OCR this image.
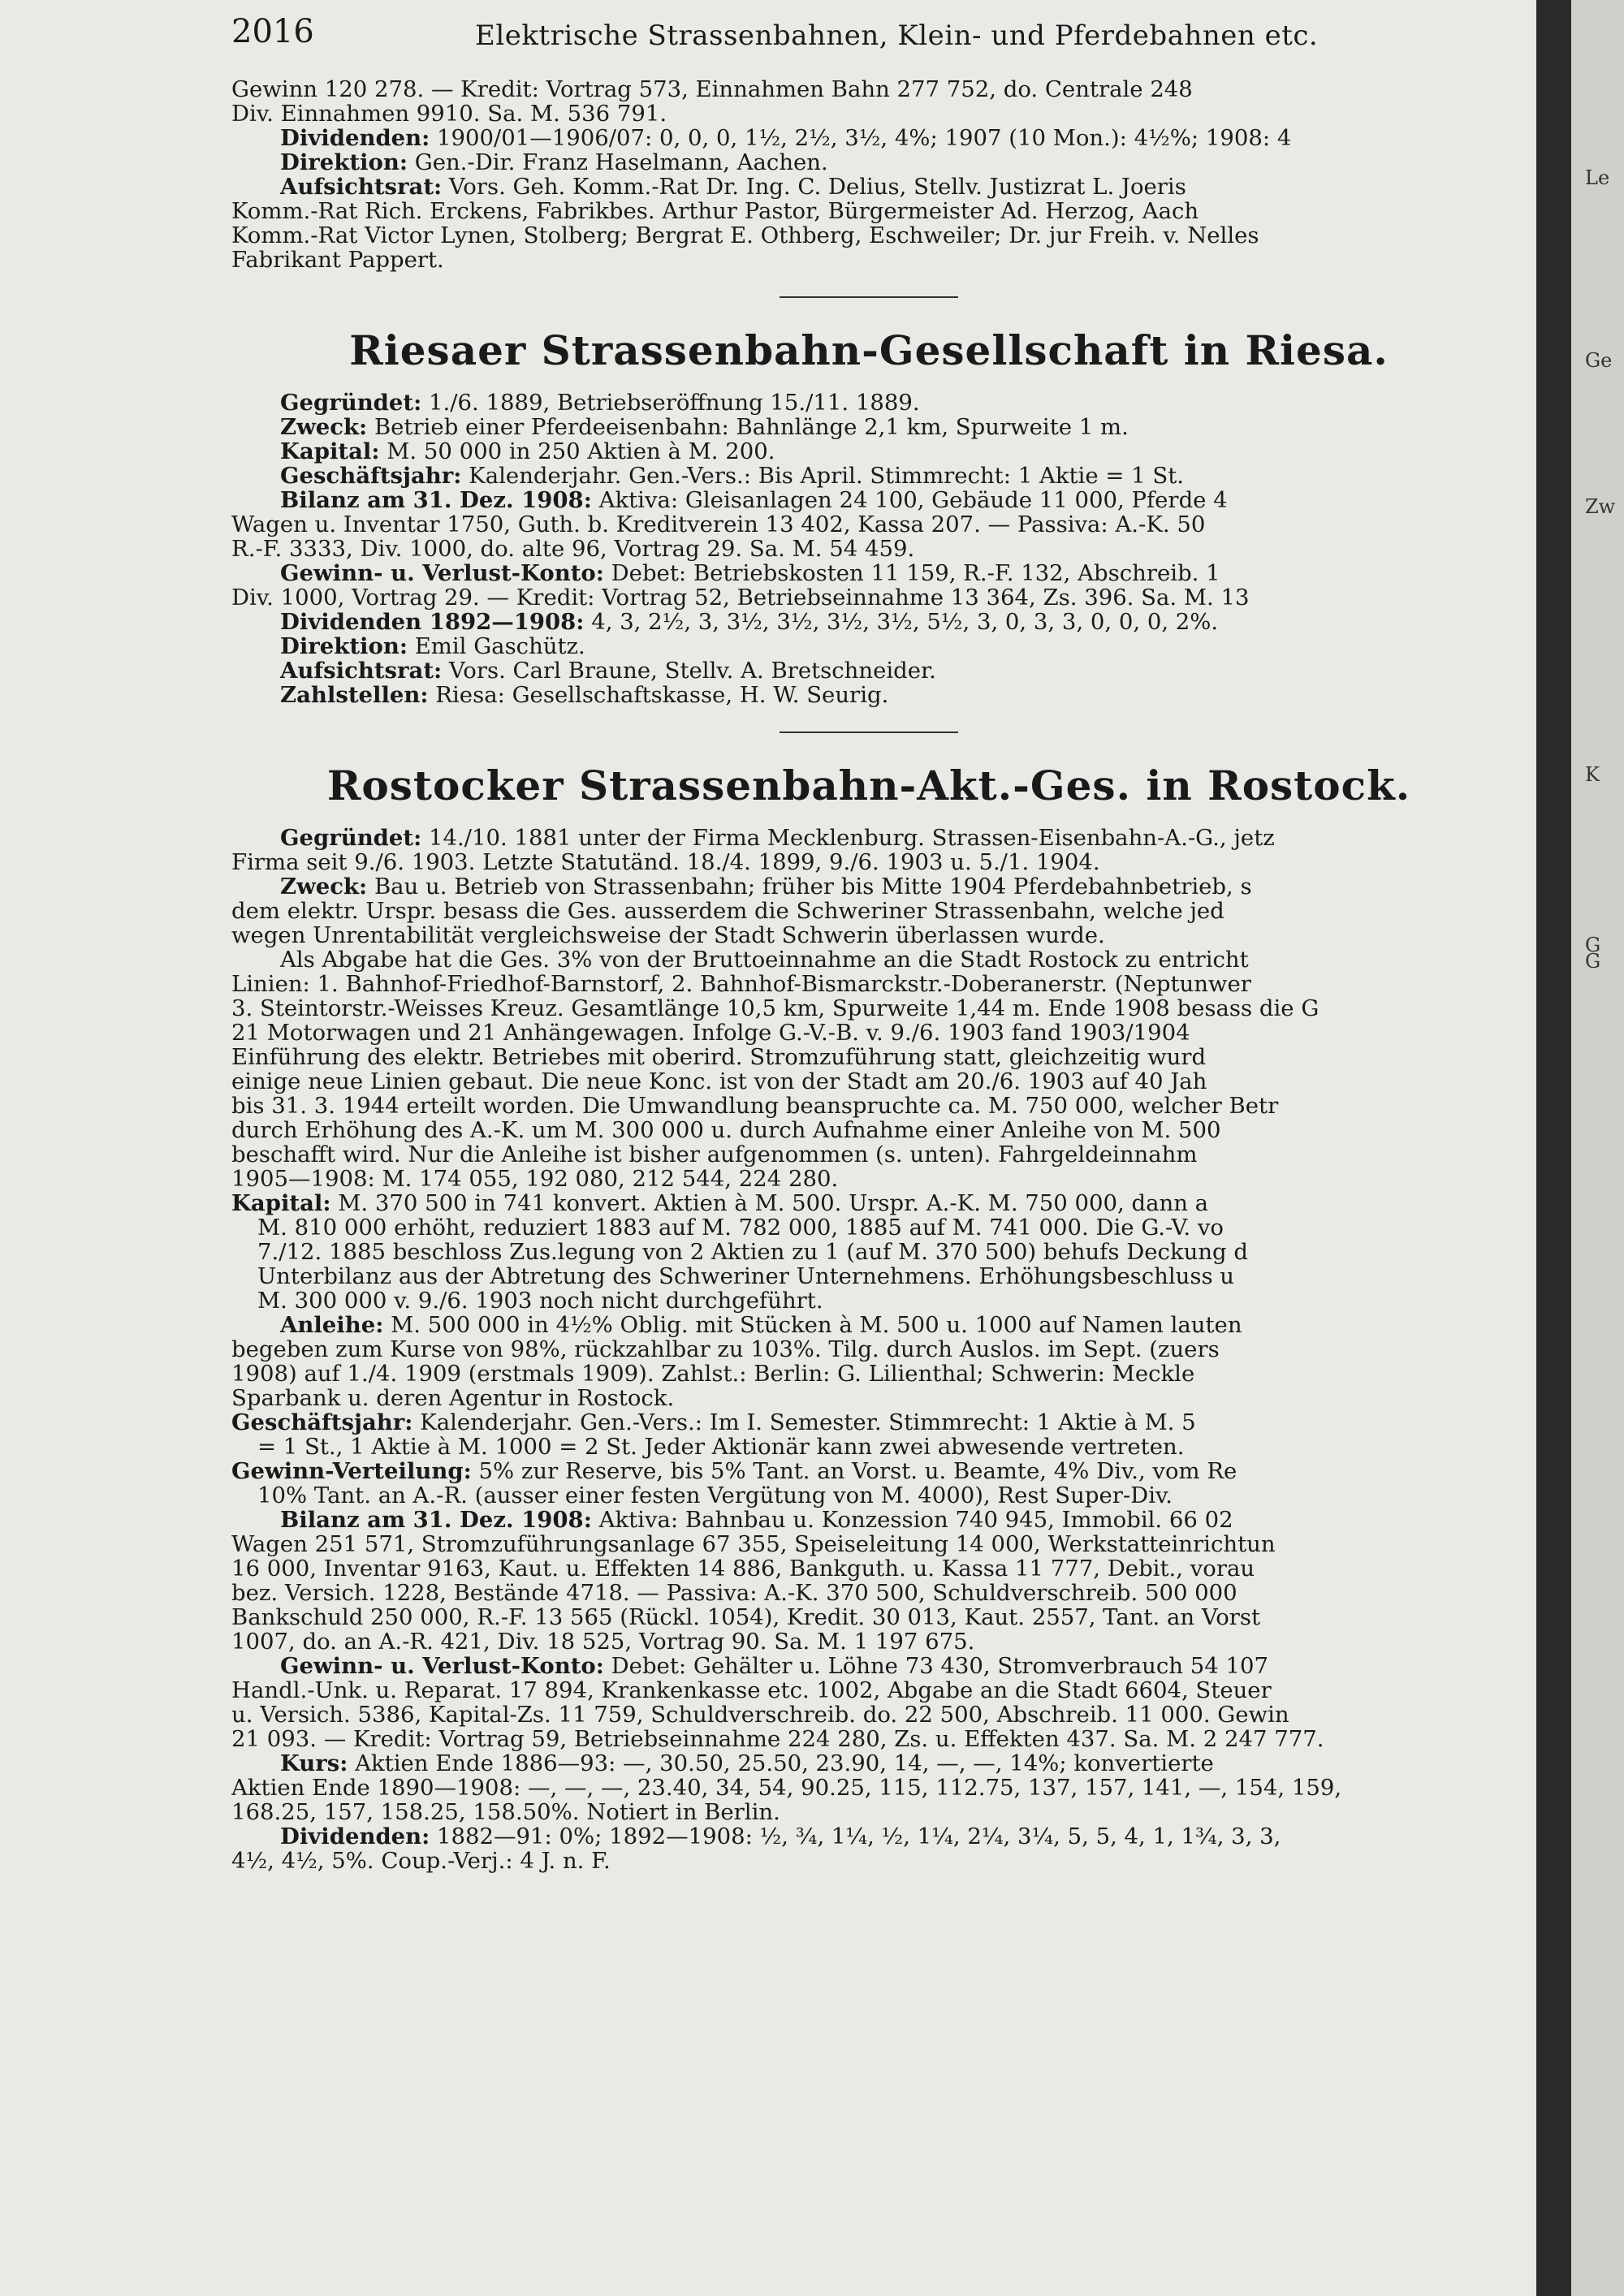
2016	Elektrische Strassenbahnen, Klein- und Pferdebahnen etc.
Gewinn 120 278. — Kredit: Vortrag 573, Einnahmen Bahn 277 752, do. Centrale 248
Div. Einnahmen 9910. Sa. M. 536 791.
Dividenden: 1900/01—1906/07: 0, 0, 0, 1½, 2½, 3½, 4%; 1907 (10 Mon.): 4½%; 1908: 4
Direktion: Gen.-Dir. Franz Haselmann, Aachen.
Aufsichtsrat: Vors. Geh. Komm.-Rat Dr. Ing. C. Delius, Stellv. Justizrat L. Joeris
Komm.-Rat Rich. Erckens, Fabrikbes. Arthur Pastor, Bürgermeister Ad. Herzog, Aach
Komm.-Rat Victor Lynen, Stolberg; Bergrat E. Othberg, Eschweiler; Dr. jur Freih. v. Nelles
Fabrikant Pappert.
Riesaer Strassenbahn-Gesellschaft in Riesa.
Gegründet: 1./6. 1889, Betriebseröffnung 15./11. 1889.
Zweck: Betrieb einer Pferdeeisenbahn: Bahnlänge 2,1 km, Spurweite 1 m.
Kapital: M. 50 000 in 250 Aktien à M. 200.
Geschäftsjahr: Kalenderjahr. Gen.-Vers.: Bis April. Stimmrecht: 1 Aktie = 1 St.
Bilanz am 31. Dez. 1908: Aktiva: Gleisanlagen 24 100, Gebäude 11 000, Pferde 4
Wagen u. Inventar 1750, Guth. b. Kreditverein 13 402, Kassa 207. — Passiva: A.-K. 50
R.-F. 3333, Div. 1000, do. alte 96, Vortrag 29. Sa. M. 54 459.
Gewinn- u. Verlust-Konto: Debet: Betriebskosten 11 159, R.-F. 132, Abschreib. 1
Div. 1000, Vortrag 29. — Kredit: Vortrag 52, Betriebseinnahme 13 364, Zs. 396. Sa. M. 13
Dividenden 1892—1908: 4, 3, 2½, 3, 3½, 3½, 3½, 3½, 5½, 3, 0, 3, 3, 0, 0, 0, 2%.
Direktion: Emil Gaschütz.
Aufsichtsrat: Vors. Carl Braune, Stellv. A. Bretschneider.
Zahlstellen: Riesa: Gesellschaftskasse, H. W. Seurig.
Rostocker Strassenbahn-Akt.-Ges. in Rostock.
Gegründet: 14./10. 1881 unter der Firma Mecklenburg. Strassen-Eisenbahn-A.-G., jetz
Firma seit 9./6. 1903. Letzte Statutänd. 18./4. 1899, 9./6. 1903 u. 5./1. 1904.
Zweck: Bau u. Betrieb von Strassenbahn; früher bis Mitte 1904 Pferdebahnbetrieb, s
dem elektr. Urspr. besass die Ges. ausserdem die Schweriner Strassenbahn, welche jed
wegen Unrentabilität vergleichsweise der Stadt Schwerin überlassen wurde.
Als Abgabe hat die Ges. 3% von der Bruttoeinnahme an die Stadt Rostock zu entricht
Linien: 1. Bahnhof-Friedhof-Barnstorf, 2. Bahnhof-Bismarckstr.-Doberanerstr. (Neptunwer
3. Steintorstr.-Weisses Kreuz. Gesamtlänge 10,5 km, Spurweite 1,44 m. Ende 1908 besass die G
21 Motorwagen und 21 Anhängewagen. Infolge G.-V.-B. v. 9./6. 1903 fand 1903/1904
Einführung des elektr. Betriebes mit oberird. Stromzuführung statt, gleichzeitig wurd
einige neue Linien gebaut. Die neue Konc. ist von der Stadt am 20./6. 1903 auf 40 Jah
bis 31. 3. 1944 erteilt worden. Die Umwandlung beanspruchte ca. M. 750 000, welcher Betr
durch Erhöhung des A.-K. um M. 300 000 u. durch Aufnahme einer Anleihe von M. 500
beschafft wird. Nur die Anleihe ist bisher aufgenommen (s. unten). Fahrgeldeinnahm
1905—1908: M. 174 055, 192 080, 212 544, 224 280.
Kapital: M. 370 500 in 741 konvert. Aktien à M. 500. Urspr. A.-K. M. 750 000, dann a
M. 810 000 erhöht, reduziert 1883 auf M. 782 000, 1885 auf M. 741 000. Die G.-V. vo
7./12. 1885 beschloss Zus.legung von 2 Aktien zu 1 (auf M. 370 500) behufs Deckung d
Unterbilanz aus der Abtretung des Schweriner Unternehmens. Erhöhungsbeschluss u
M. 300 000 v. 9./6. 1903 noch nicht durchgeführt.
Anleihe: M. 500 000 in 4½% Oblig. mit Stücken à M. 500 u. 1000 auf Namen lauten
begeben zum Kurse von 98%, rückzahlbar zu 103%. Tilg. durch Auslos. im Sept. (zuers
1908) auf 1./4. 1909 (erstmals 1909). Zahlst.: Berlin: G. Lilienthal; Schwerin: Meckle
Sparbank u. deren Agentur in Rostock.
Geschäftsjahr: Kalenderjahr. Gen.-Vers.: Im I. Semester. Stimmrecht: 1 Aktie à M. 5
= 1 St., 1 Aktie à M. 1000 = 2 St. Jeder Aktionär kann zwei abwesende vertreten.
Gewinn-Verteilung: 5% zur Reserve, bis 5% Tant. an Vorst. u. Beamte, 4% Div., vom Re
10% Tant. an A.-R. (ausser einer festen Vergütung von M. 4000), Rest Super-Div.
Bilanz am 31. Dez. 1908: Aktiva: Bahnbau u. Konzession 740 945, Immobil. 66 02
Wagen 251 571, Stromzuführungsanlage 67 355, Speiseleitung 14 000, Werkstatteinrichtun
16 000, Inventar 9163, Kaut. u. Effekten 14 886, Bankguth. u. Kassa 11 777, Debit., vorau
bez. Versich. 1228, Bestände 4718. — Passiva: A.-K. 370 500, Schuldverschreib. 500 000
Bankschuld 250 000, R.-F. 13 565 (Rückl. 1054), Kredit. 30 013, Kaut. 2557, Tant. an Vorst
1007, do. an A.-R. 421, Div. 18 525, Vortrag 90. Sa. M. 1 197 675.
Gewinn- u. Verlust-Konto: Debet: Gehälter u. Löhne 73 430, Stromverbrauch 54 107
Handl.-Unk. u. Reparat. 17 894, Krankenkasse etc. 1002, Abgabe an die Stadt 6604, Steuer
u. Versich. 5386, Kapital-Zs. 11 759, Schuldverschreib. do. 22 500, Abschreib. 11 000. Gewin
21 093. — Kredit: Vortrag 59, Betriebseinnahme 224 280, Zs. u. Effekten 437. Sa. M. 2 247 777.
Kurs: Aktien Ende 1886—93: —, 30.50, 25.50, 23.90, 14, —, —, 14%; konvertierte
Aktien Ende 1890—1908: —, —, —, 23.40, 34, 54, 90.25, 115, 112.75, 137, 157, 141, —, 154, 159,
168.25, 157, 158.25, 158.50%. Notiert in Berlin.
Dividenden: 1882—91: 0%; 1892—1908: ½, ¾, 1¼, ½, 1¼, 2¼, 3¼, 5, 5, 4, 1, 1¾, 3, 3,
4½, 4½, 5%. Coup.-Verj.: 4 J. n. F.
Le
Ge
Zw
K
G
G
